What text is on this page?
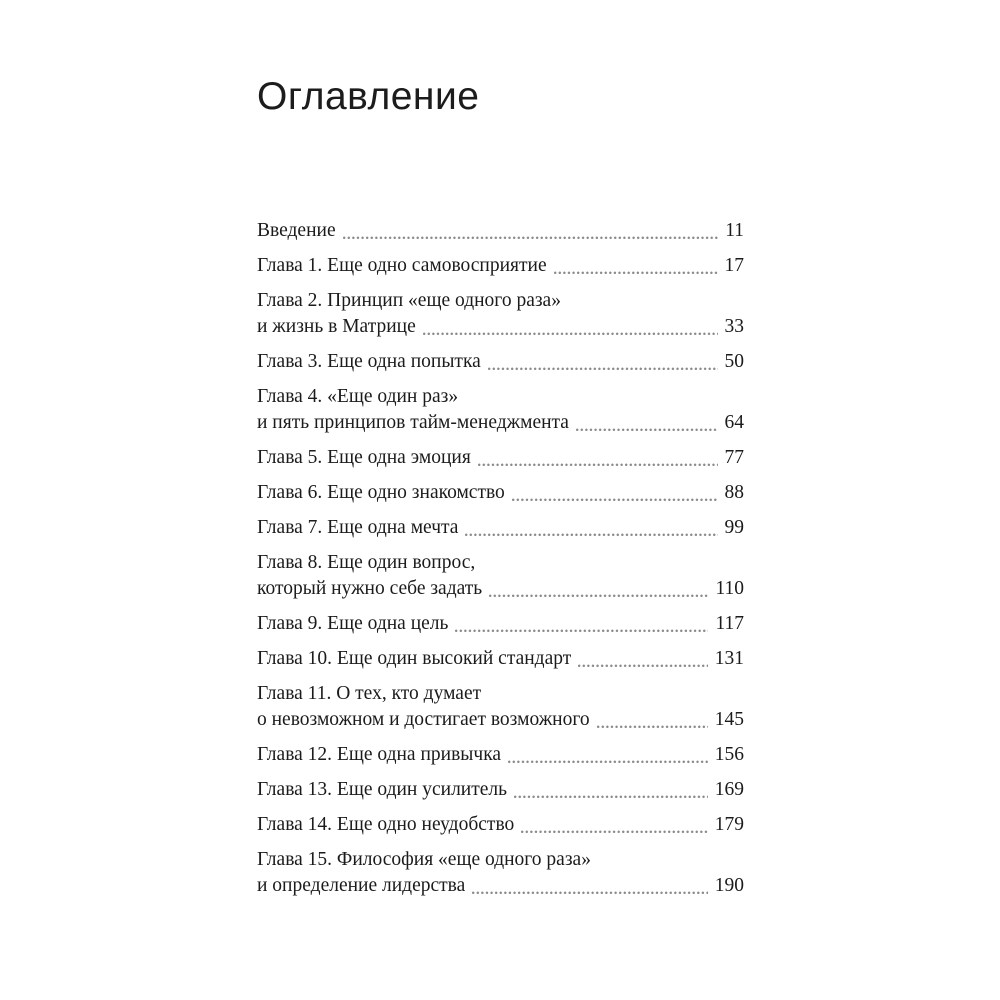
Оглавление
Введение	11
Глава 1. Еще одно самовосприятие	17
Глава 2. Принцип «еще одного раза»
и жизнь в Матрице	33
Глава 3. Еще одна попытка	50
Глава 4. «Еще один раз»
и пять принципов тайм-менеджмента	64
Глава 5. Еще одна эмоция	77
Глава 6. Еще одно знакомство	88
Глава 7. Еще одна мечта	99
Глава 8. Еще один вопрос,
который нужно себе задать	110
Глава 9. Еще одна цель	117
Глава 10. Еще один высокий стандарт	131
Глава 11. О тех, кто думает
о невозможном и достигает возможного	145
Глава 12. Еще одна привычка	156
Глава 13. Еще один усилитель	169
Глава 14. Еще одно неудобство	179
Глава 15. Философия «еще одного раза»
и определение лидерства	190
